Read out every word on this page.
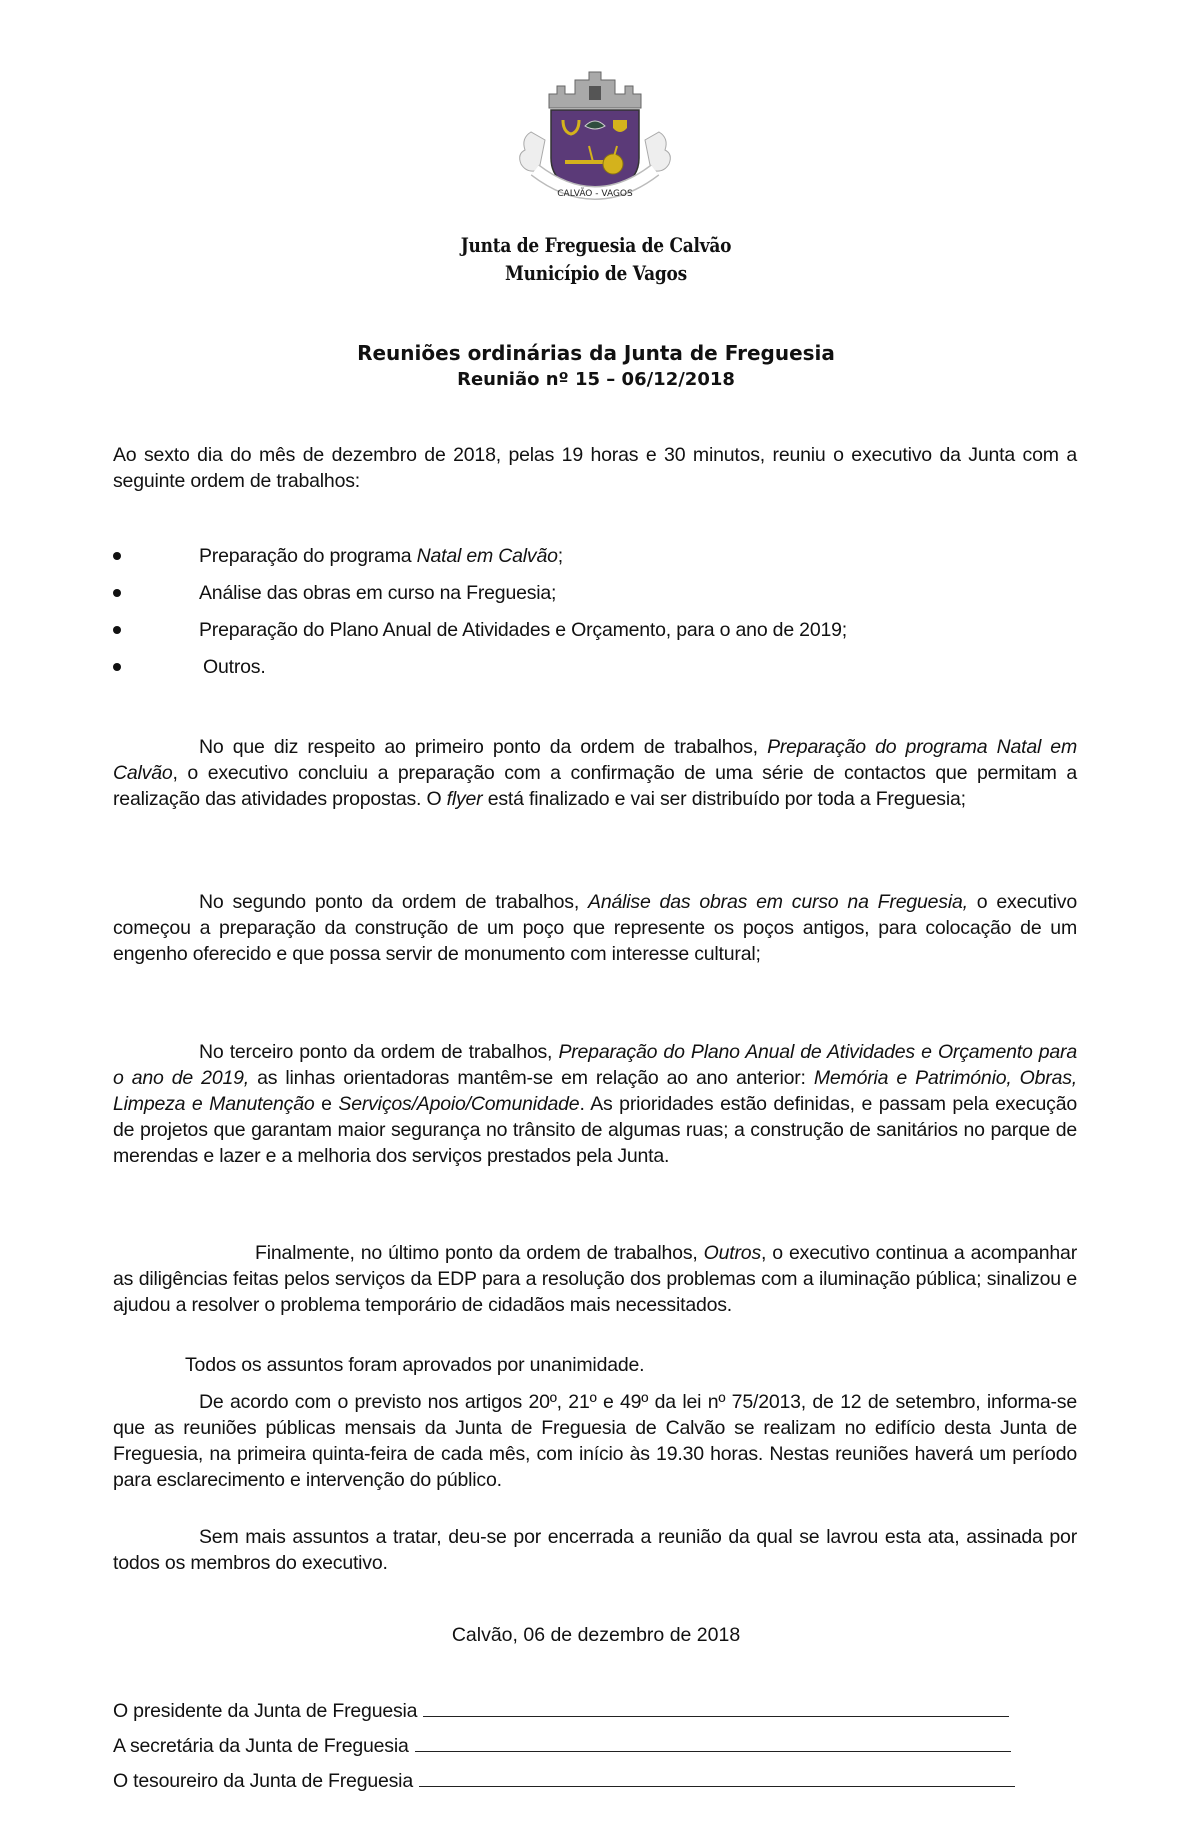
CALVÃO - VAGOS
Junta de Freguesia de Calvão
Município de Vagos
Reuniões ordinárias da Junta de Freguesia
Reunião nº 15 – 06/12/2018
Ao sexto dia do mês de dezembro de 2018, pelas 19 horas e 30 minutos, reuniu o executivo da Junta com a seguinte ordem de trabalhos:
Preparação do programa Natal em Calvão;
Análise das obras em curso na Freguesia;
Preparação do Plano Anual de Atividades e Orçamento, para o ano de 2019;
Outros.
No que diz respeito ao primeiro ponto da ordem de trabalhos, Preparação do programa Natal em Calvão, o executivo concluiu a preparação com a confirmação de uma série de contactos que permitam a realização das atividades propostas. O flyer está finalizado e vai ser distribuído por toda a Freguesia;
No segundo ponto da ordem de trabalhos, Análise das obras em curso na Freguesia, o executivo começou a preparação da construção de um poço que represente os poços antigos, para colocação de um engenho oferecido e que possa servir de monumento com interesse cultural;
No terceiro ponto da ordem de trabalhos, Preparação do Plano Anual de Atividades e Orçamento para o ano de 2019, as linhas orientadoras mantêm-se em relação ao ano anterior: Memória e Património, Obras, Limpeza e Manutenção e Serviços/Apoio/Comunidade. As prioridades estão definidas, e passam pela execução de projetos que garantam maior segurança no trânsito de algumas ruas; a construção de sanitários no parque de merendas e lazer e a melhoria dos serviços prestados pela Junta.
Finalmente, no último ponto da ordem de trabalhos, Outros, o executivo continua a acompanhar as diligências feitas pelos serviços da EDP para a resolução dos problemas com a iluminação pública; sinalizou e ajudou a resolver o problema temporário de cidadãos mais necessitados.
Todos os assuntos foram aprovados por unanimidade.
De acordo com o previsto nos artigos 20º, 21º e 49º da lei nº 75/2013, de 12 de setembro, informa-se que as reuniões públicas mensais da Junta de Freguesia de Calvão se realizam no edifício desta Junta de Freguesia, na primeira quinta-feira de cada mês, com início às 19.30 horas. Nestas reuniões haverá um período para esclarecimento e intervenção do público.
Sem mais assuntos a tratar, deu-se por encerrada a reunião da qual se lavrou esta ata, assinada por todos os membros do executivo.
Calvão, 06 de dezembro de 2018
O presidente da Junta de Freguesia
A secretária da Junta de Freguesia
O tesoureiro da Junta de Freguesia
